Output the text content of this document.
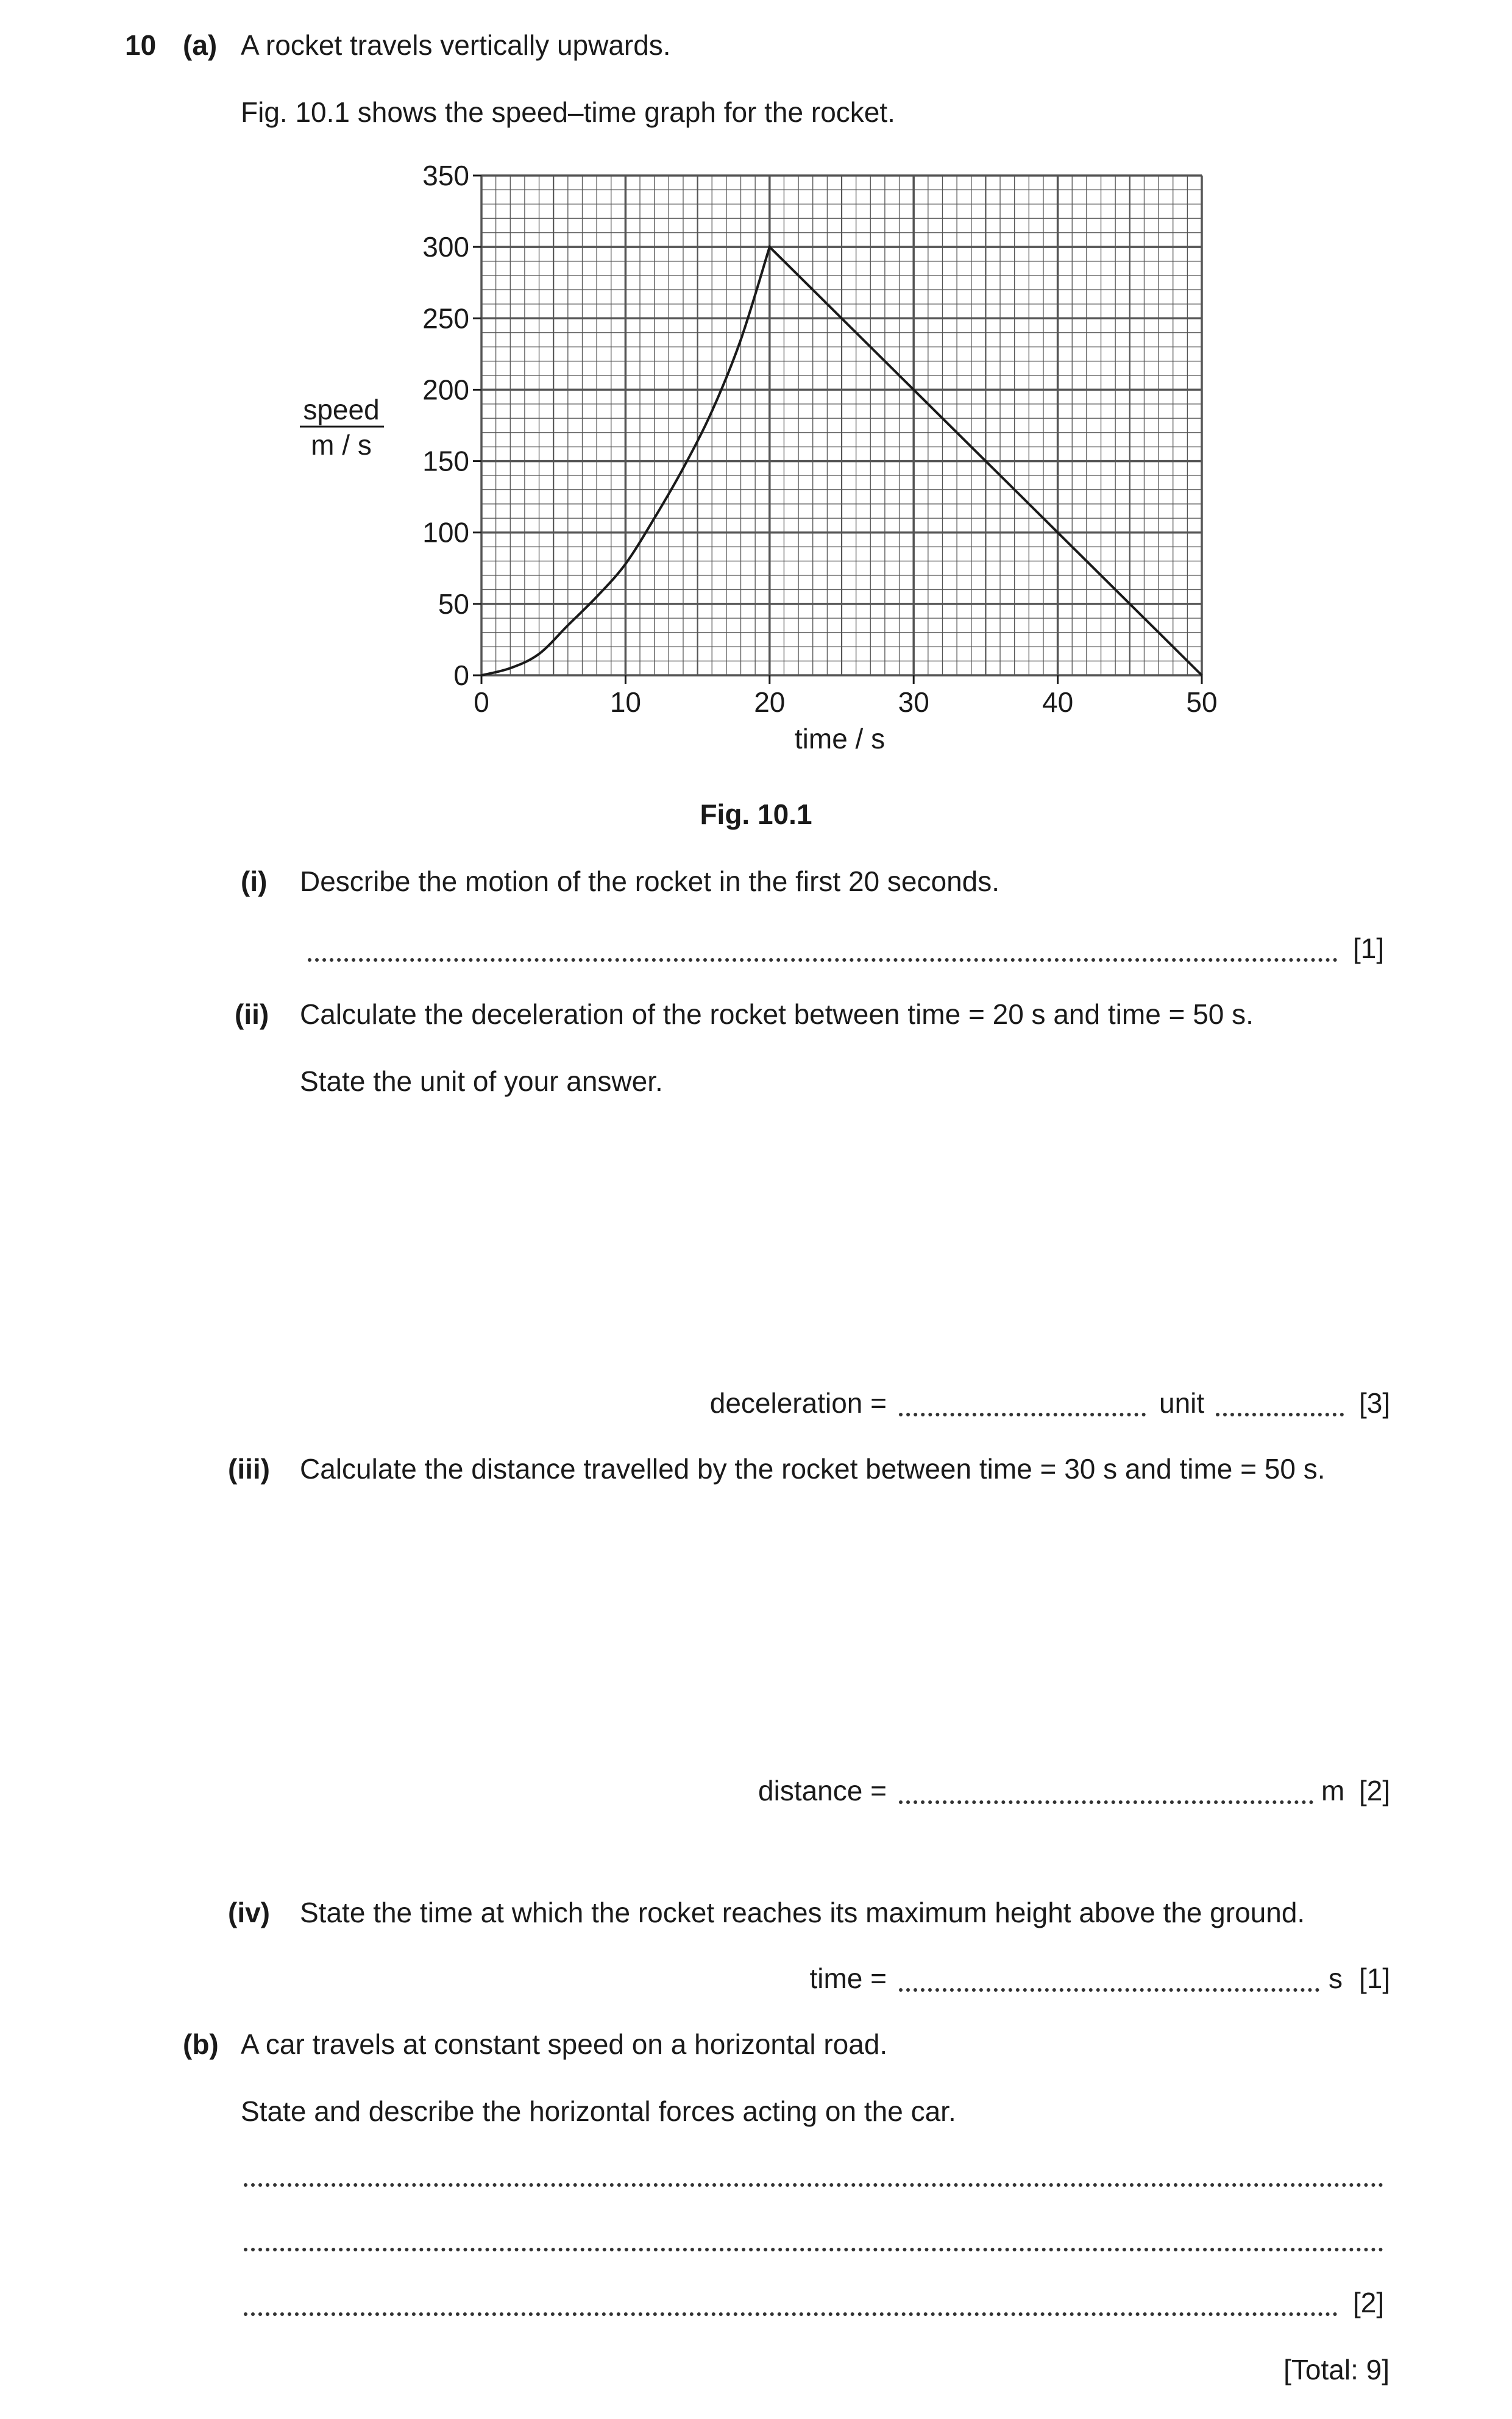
10 (a) A rocket travels vertically upwards.
Fig. 10.1 shows the speed–time graph for the rocket.
0
50
100
150
200
250
300
350
0	10	20	30	40	50
speed
m / s
time / s
Fig. 10.1
(i) Describe the motion of the rocket in the first 20 seconds.
[1]
(ii) Calculate the deceleration of the rocket between time = 20 s and time = 50 s.
State the unit of your answer.
deceleration =	unit	[3]
(iii) Calculate the distance travelled by the rocket between time = 30 s and time = 50 s.
distance =	m [2]
(iv) State the time at which the rocket reaches its maximum height above the ground.
time =	s [1]
(b) A car travels at constant speed on a horizontal road.
State and describe the horizontal forces acting on the car.
[2]
[Total: 9]
